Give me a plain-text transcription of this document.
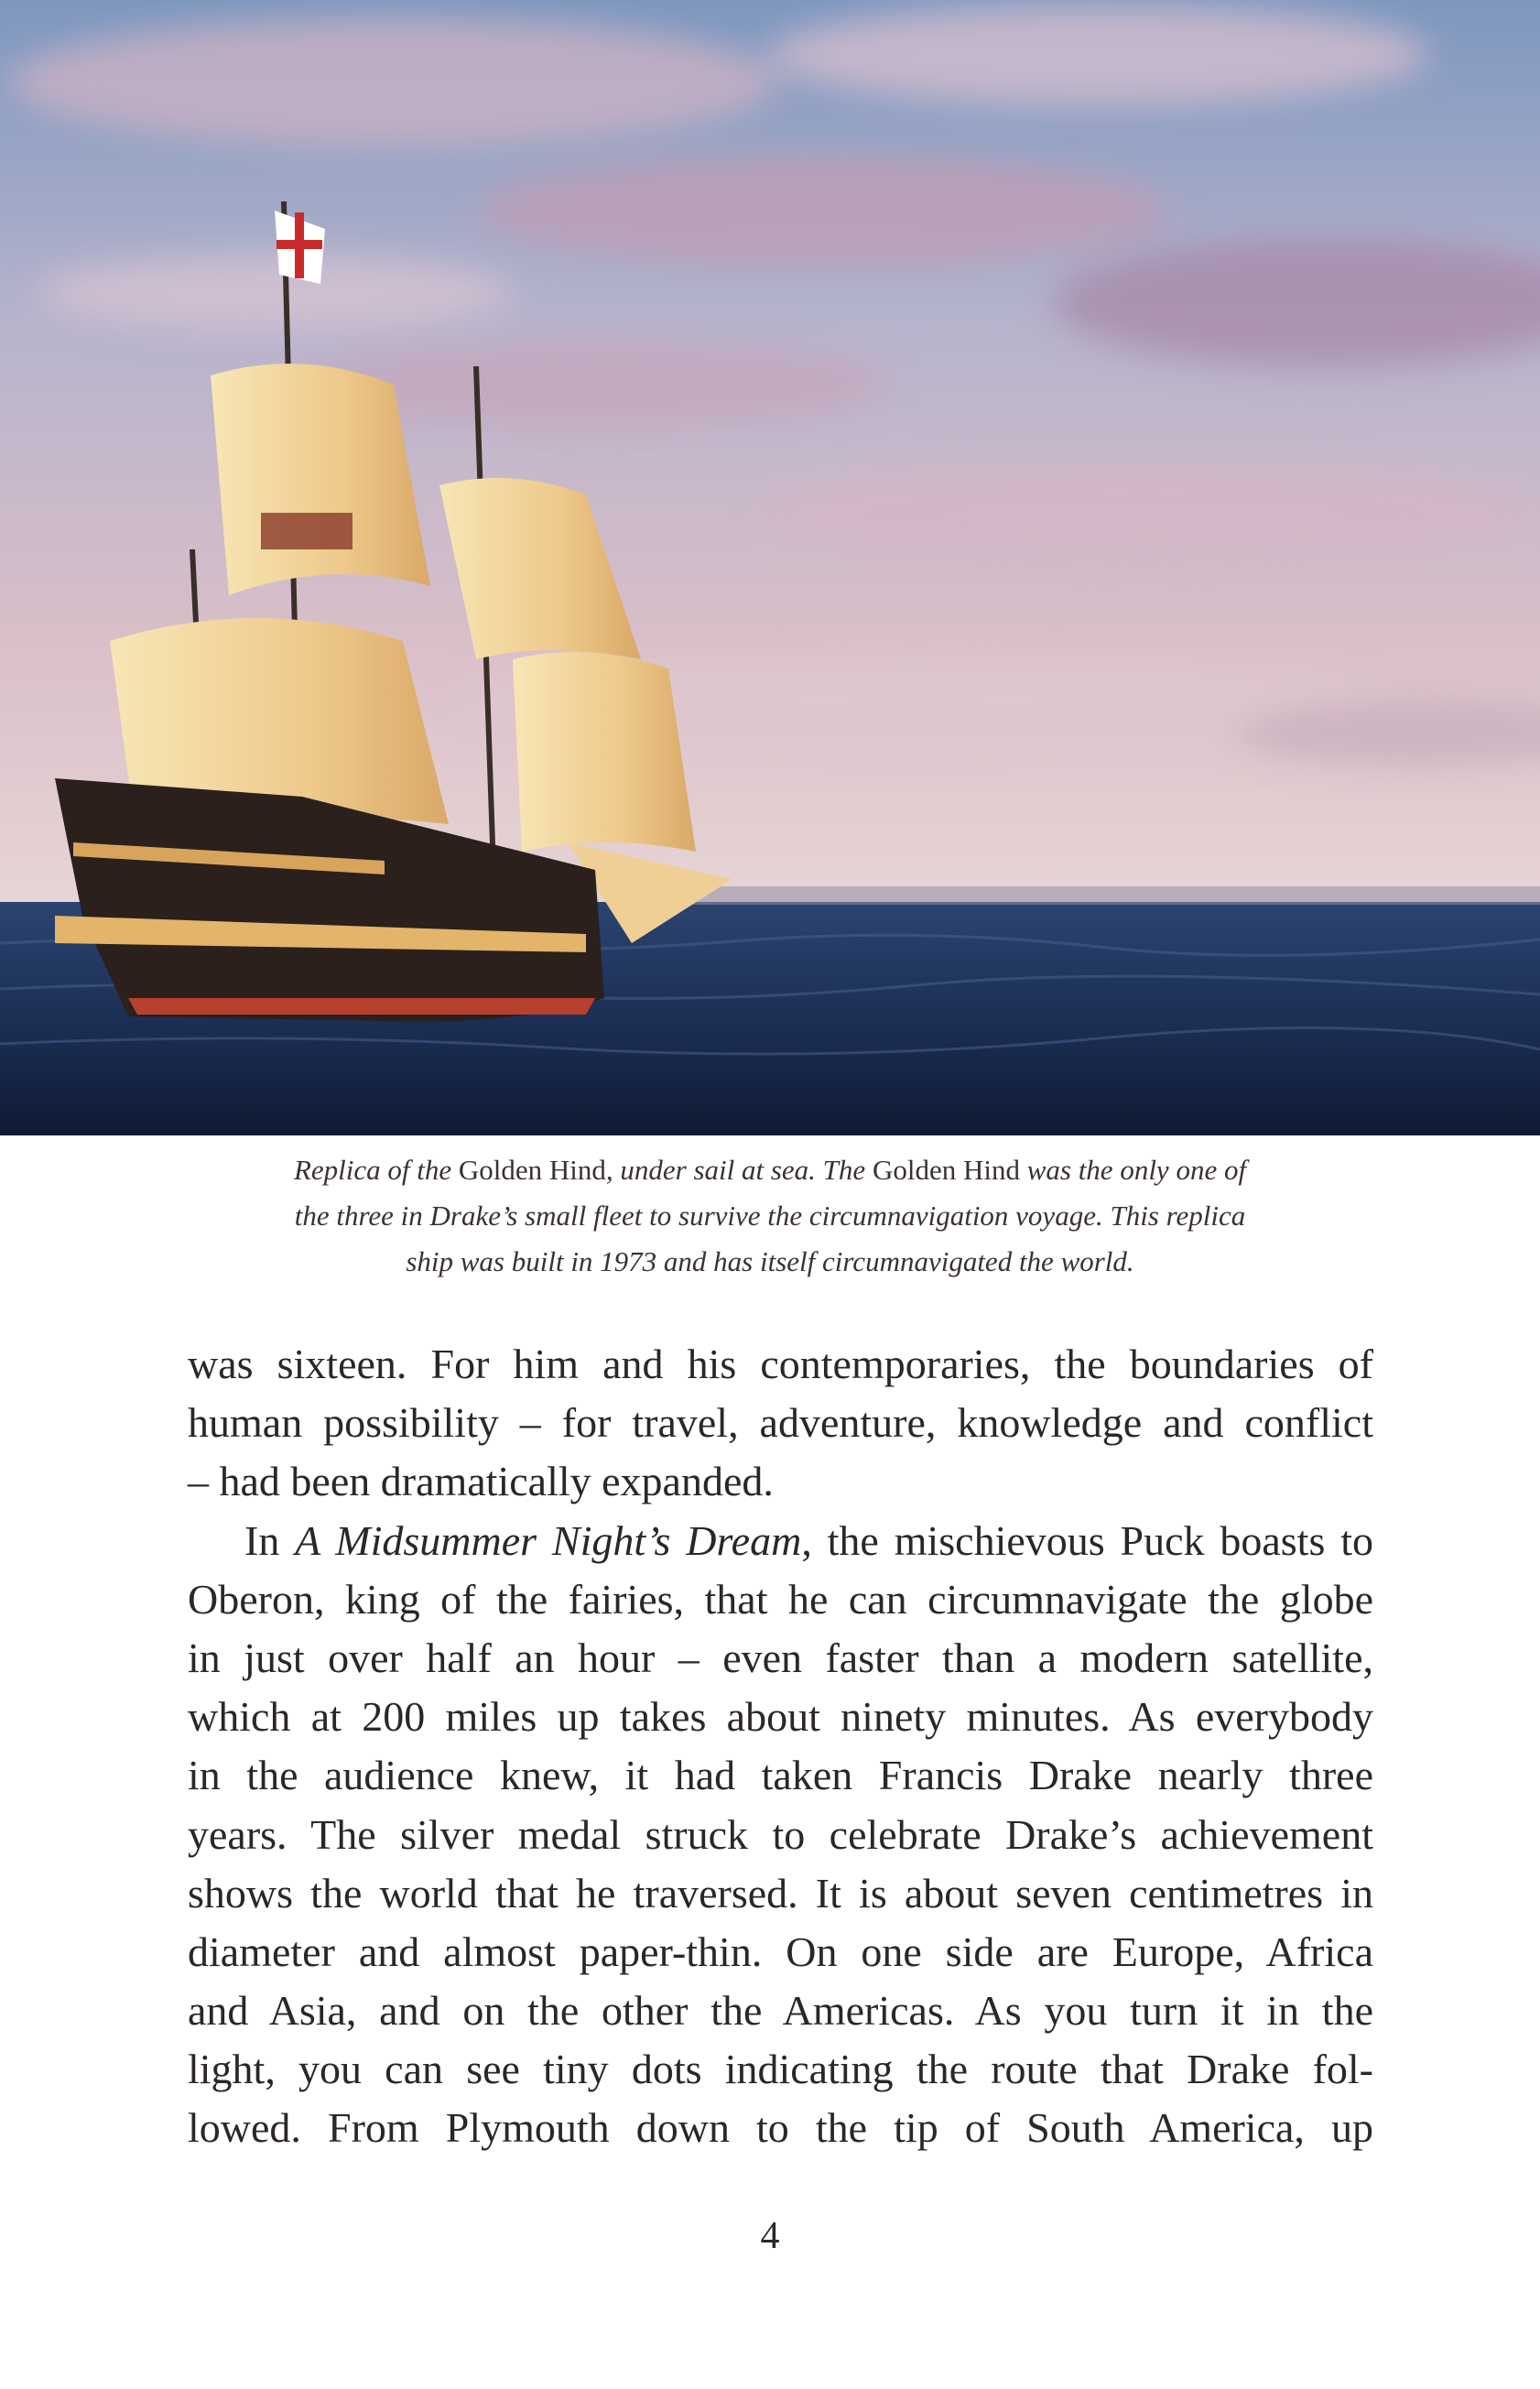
Replica of the Golden Hind, under sail at sea. The Golden Hind was the only one of
the three in Drake’s small fleet to survive the circumnavigation voyage. This replica
ship was built in 1973 and has itself circumnavigated the world.
was sixteen. For him and his contemporaries, the boundaries of
human possibility – for travel, adventure, knowledge and conflict
– had been dramatically expanded.
In A Midsummer Night’s Dream, the mischievous Puck boasts to
Oberon, king of the fairies, that he can circumnavigate the globe
in just over half an hour – even faster than a modern satellite,
which at 200 miles up takes about ninety minutes. As everybody
in the audience knew, it had taken Francis Drake nearly three
years. The silver medal struck to celebrate Drake’s achievement
shows the world that he traversed. It is about seven centimetres in
diameter and almost paper-thin. On one side are Europe, Africa
and Asia, and on the other the Americas. As you turn it in the
light, you can see tiny dots indicating the route that Drake fol-
lowed. From Plymouth down to the tip of South America, up
4
